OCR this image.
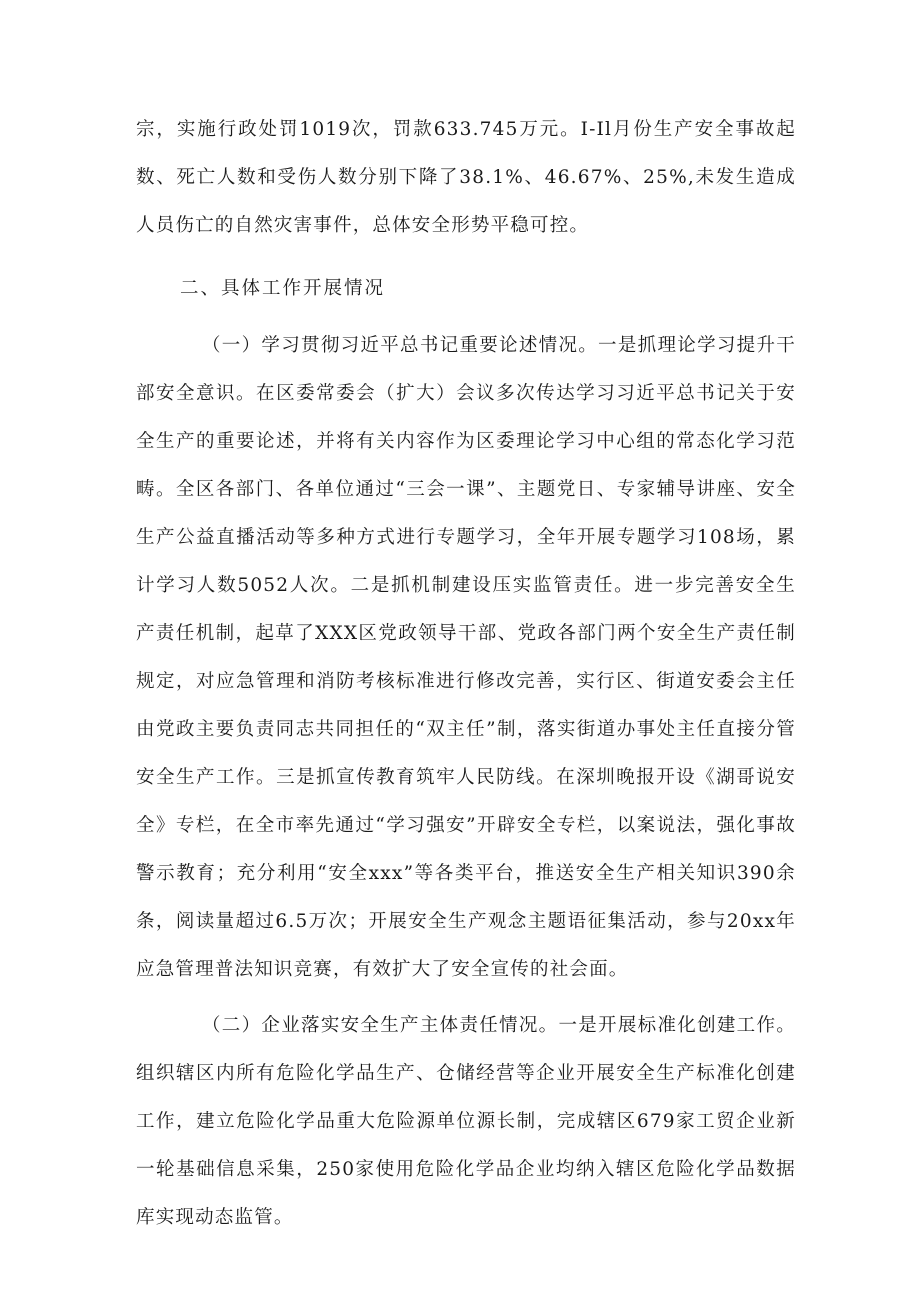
宗，实施行政处罚1019次，罚款633.745万元。I-Il月份生产安全事故起数、死亡人数和受伤人数分别下降了38.1%、46.67%、25%,未发生造成人员伤亡的自然灾害事件，总体安全形势平稳可控。

二、具体工作开展情况

（一）学习贯彻习近平总书记重要论述情况。一是抓理论学习提升干部安全意识。在区委常委会（扩大）会议多次传达学习习近平总书记关于安全生产的重要论述，并将有关内容作为区委理论学习中心组的常态化学习范畴。全区各部门、各单位通过“三会一课”、主题党日、专家辅导讲座、安全生产公益直播活动等多种方式进行专题学习，全年开展专题学习108场，累计学习人数5052人次。二是抓机制建设压实监管责任。进一步完善安全生产责任机制，起草了XXX区党政领导干部、党政各部门两个安全生产责任制规定，对应急管理和消防考核标准进行修改完善，实行区、街道安委会主任由党政主要负责同志共同担任的“双主任”制，落实街道办事处主任直接分管安全生产工作。三是抓宣传教育筑牢人民防线。在深圳晚报开设《湖哥说安全》专栏，在全市率先通过“学习强安”开辟安全专栏，以案说法，强化事故警示教育；充分利用“安全xxx”等各类平台，推送安全生产相关知识390余条，阅读量超过6.5万次；开展安全生产观念主题语征集活动，参与20xx年应急管理普法知识竞赛，有效扩大了安全宣传的社会面。

（二）企业落实安全生产主体责任情况。一是开展标准化创建工作。组织辖区内所有危险化学品生产、仓储经营等企业开展安全生产标准化创建工作，建立危险化学品重大危险源单位源长制，完成辖区679家工贸企业新一轮基础信息采集，250家使用危险化学品企业均纳入辖区危险化学品数据库实现动态监管。
